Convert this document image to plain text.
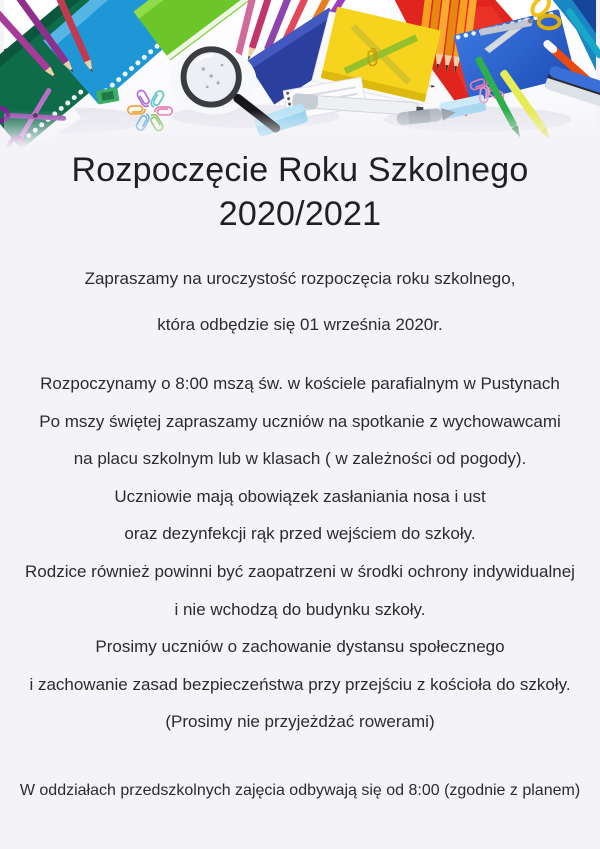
Rozpoczęcie Roku Szkolnego
2020/2021

Zapraszamy na uroczystość rozpoczęcia roku szkolnego,

która odbędzie się 01 września 2020r.

Rozpoczynamy o 8:00 mszą św. w kościele parafialnym w Pustynach

Po mszy świętej zapraszamy uczniów na spotkanie z wychowawcami

na placu szkolnym lub w klasach ( w zależności od pogody).

Uczniowie mają obowiązek zasłaniania nosa i ust

oraz dezynfekcji rąk przed wejściem do szkoły.

Rodzice również powinni być zaopatrzeni w środki ochrony indywidualnej

i nie wchodzą do budynku szkoły.

Prosimy uczniów o zachowanie dystansu społecznego

i zachowanie zasad bezpieczeństwa przy przejściu z kościoła do szkoły.

(Prosimy nie przyjeżdżać rowerami)

W oddziałach przedszkolnych zajęcia odbywają się od 8:00 (zgodnie z planem)
